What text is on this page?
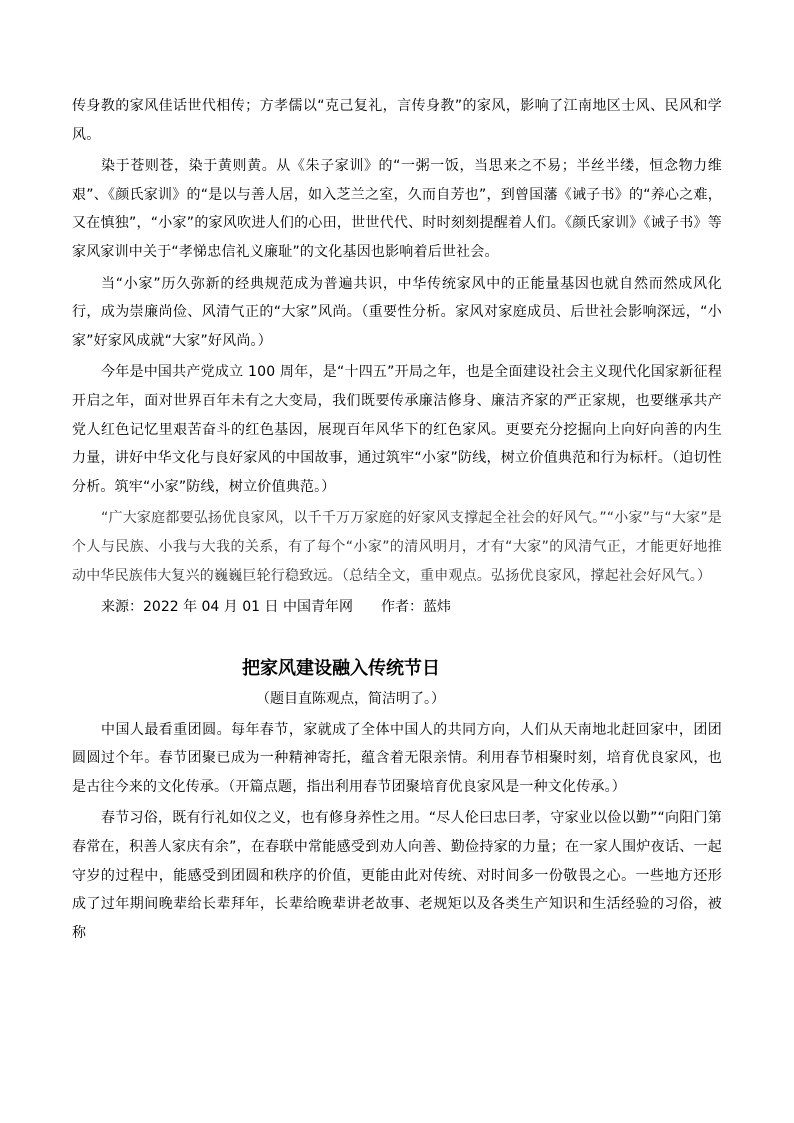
传身教的家风佳话世代相传；方孝儒以“克己复礼，言传身教”的家风，影响了江南地区士风、民风和学风。

染于苍则苍，染于黄则黄。从《朱子家训》的“一粥一饭，当思来之不易；半丝半缕，恒念物力维艰”、《颜氏家训》的“是以与善人居，如入芝兰之室，久而自芳也”，到曾国藩《诫子书》的“养心之难，又在慎独”，“小家”的家风吹进人们的心田，世世代代、时时刻刻提醒着人们。《颜氏家训》《诫子书》等家风家训中关于“孝悌忠信礼义廉耻”的文化基因也影响着后世社会。

当“小家”历久弥新的经典规范成为普遍共识，中华传统家风中的正能量基因也就自然而然成风化行，成为崇廉尚俭、风清气正的“大家”风尚。（重要性分析。家风对家庭成员、后世社会影响深远，“小家”好家风成就“大家”好风尚。）

今年是中国共产党成立 100 周年，是“十四五”开局之年，也是全面建设社会主义现代化国家新征程开启之年，面对世界百年未有之大变局，我们既要传承廉洁修身、廉洁齐家的严正家规，也要继承共产党人红色记忆里艰苦奋斗的红色基因，展现百年风华下的红色家风。更要充分挖掘向上向好向善的内生力量，讲好中华文化与良好家风的中国故事，通过筑牢“小家”防线，树立价值典范和行为标杆。（迫切性分析。筑牢“小家”防线，树立价值典范。）

“广大家庭都要弘扬优良家风，以千千万万家庭的好家风支撑起全社会的好风气。”“小家”与“大家”是个人与民族、小我与大我的关系，有了每个“小家”的清风明月，才有“大家”的风清气正，才能更好地推动中华民族伟大复兴的巍巍巨轮行稳致远。（总结全文，重申观点。弘扬优良家风，撑起社会好风气。）

来源：2022 年 04 月 01 日 中国青年网 作者：蓝炜

把家风建设融入传统节日
（题目直陈观点，简洁明了。）

中国人最看重团圆。每年春节，家就成了全体中国人的共同方向，人们从天南地北赶回家中，团团圆圆过个年。春节团聚已成为一种精神寄托，蕴含着无限亲情。利用春节相聚时刻，培育优良家风，也是古往今来的文化传承。（开篇点题，指出利用春节团聚培育优良家风是一种文化传承。）

春节习俗，既有行礼如仪之义，也有修身养性之用。“尽人伦曰忠曰孝，守家业以俭以勤”“向阳门第春常在，积善人家庆有余”，在春联中常能感受到劝人向善、勤俭持家的力量；在一家人围炉夜话、一起守岁的过程中，能感受到团圆和秩序的价值，更能由此对传统、对时间多一份敬畏之心。一些地方还形成了过年期间晚辈给长辈拜年，长辈给晚辈讲老故事、老规矩以及各类生产知识和生活经验的习俗，被称
